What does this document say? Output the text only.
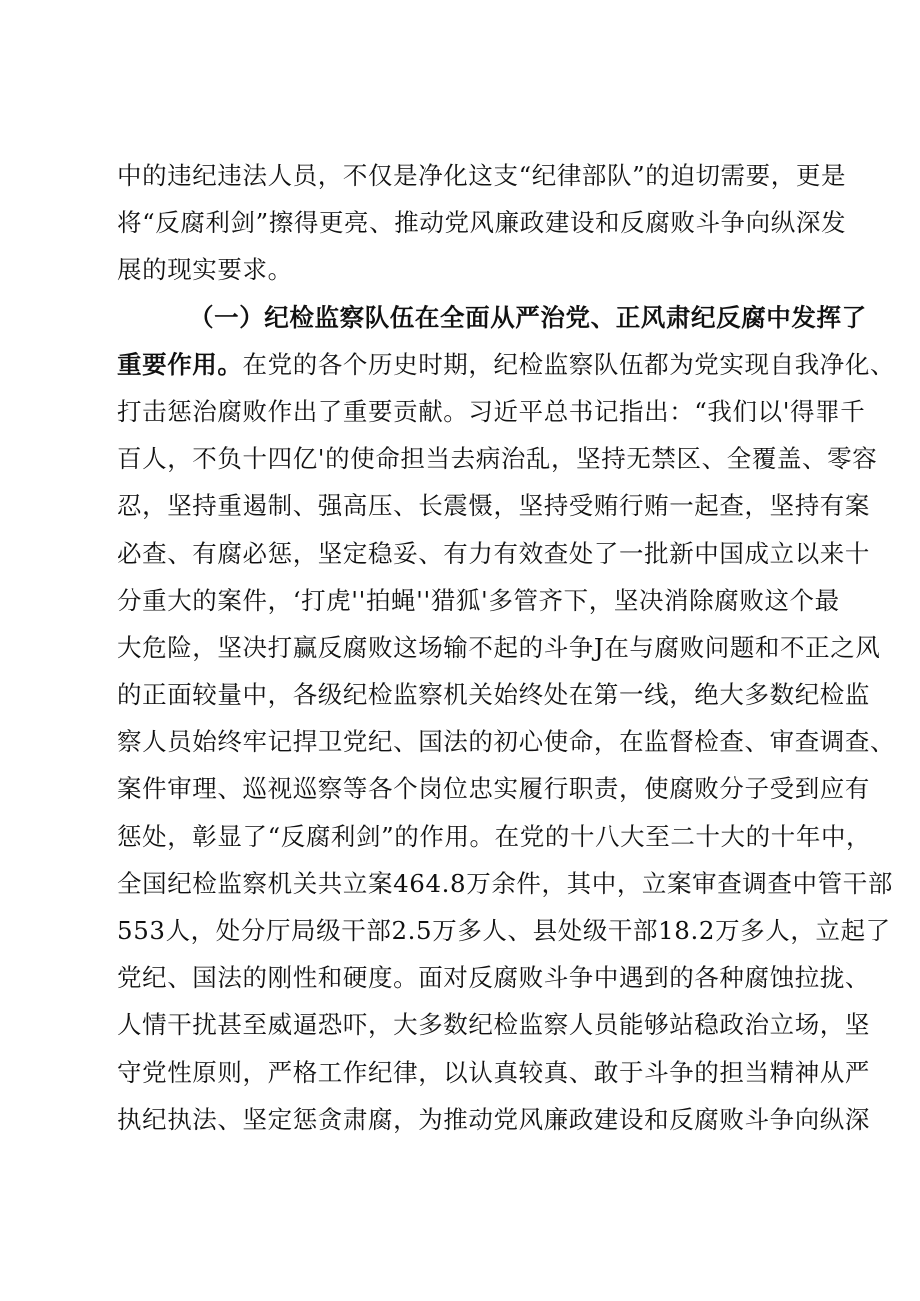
中的违纪违法人员，不仅是净化这支“纪律部队”的迫切需要，更是
将“反腐利剑”擦得更亮、推动党风廉政建设和反腐败斗争向纵深发
展的现实要求。
（一）纪检监察队伍在全面从严治党、正风肃纪反腐中发挥了
重要作用。在党的各个历史时期，纪检监察队伍都为党实现自我净化、
打击惩治腐败作出了重要贡献。习近平总书记指出：“我们以'得罪千
百人，不负十四亿'的使命担当去病治乱，坚持无禁区、全覆盖、零容
忍，坚持重遏制、强高压、长震慑，坚持受贿行贿一起查，坚持有案
必查、有腐必惩，坚定稳妥、有力有效查处了一批新中国成立以来十
分重大的案件，‘打虎''拍蝇''猎狐'多管齐下，坚决消除腐败这个最
大危险，坚决打赢反腐败这场输不起的斗争J在与腐败问题和不正之风
的正面较量中，各级纪检监察机关始终处在第一线，绝大多数纪检监
察人员始终牢记捍卫党纪、国法的初心使命，在监督检查、审查调查、
案件审理、巡视巡察等各个岗位忠实履行职责，使腐败分子受到应有
惩处，彰显了“反腐利剑”的作用。在党的十八大至二十大的十年中，
全国纪检监察机关共立案464.8万余件，其中，立案审查调查中管干部
553人，处分厅局级干部2.5万多人、县处级干部18.2万多人，立起了
党纪、国法的刚性和硬度。面对反腐败斗争中遇到的各种腐蚀拉拢、
人情干扰甚至威逼恐吓，大多数纪检监察人员能够站稳政治立场，坚
守党性原则，严格工作纪律，以认真较真、敢于斗争的担当精神从严
执纪执法、坚定惩贪肃腐，为推动党风廉政建设和反腐败斗争向纵深
